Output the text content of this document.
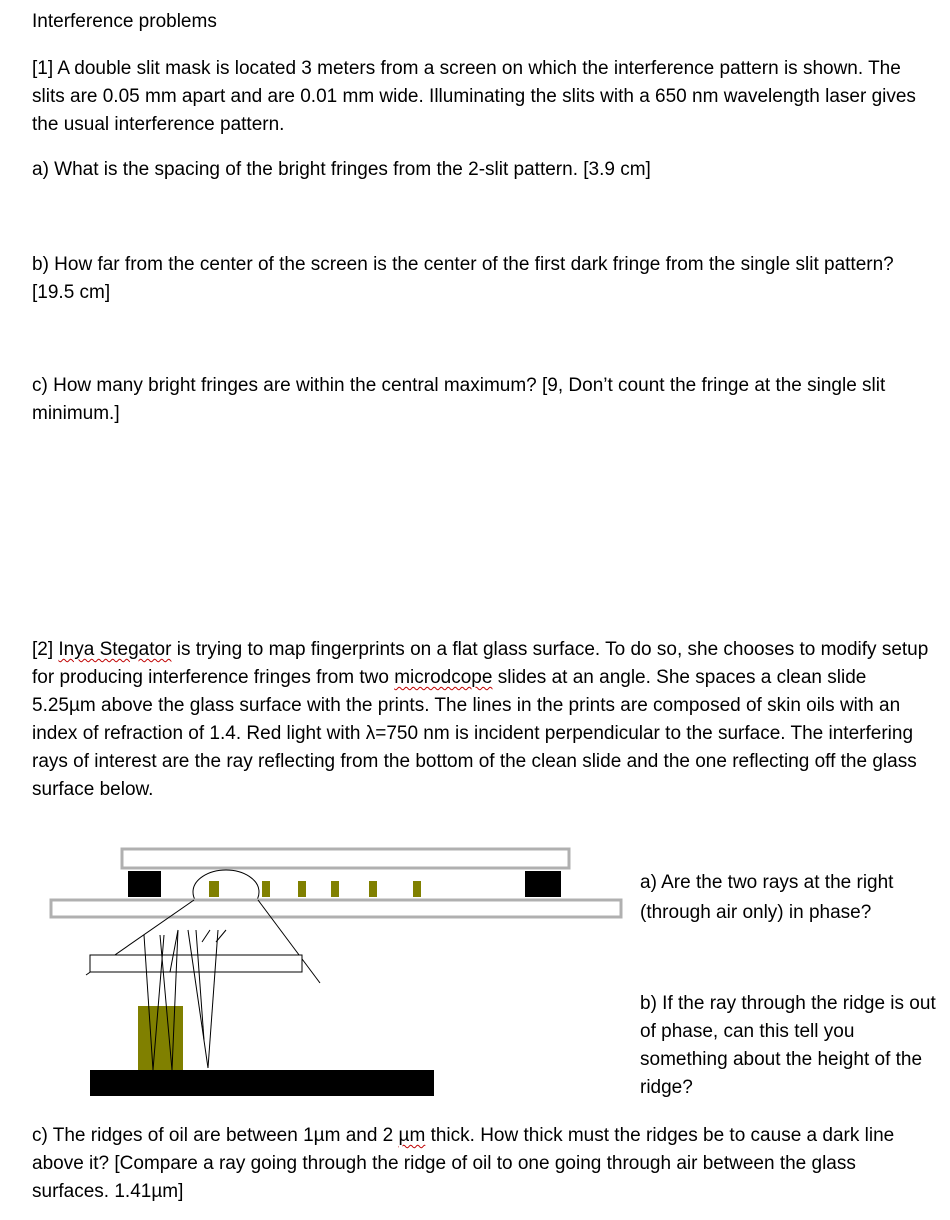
Interference problems

[1] A double slit mask is located 3 meters from a screen on which the interference pattern is shown. The slits are 0.05 mm apart and are 0.01 mm wide. Illuminating the slits with a 650 nm wavelength laser gives the usual interference pattern.

a) What is the spacing of the bright fringes from the 2-slit pattern. [3.9 cm]

b) How far from the center of the screen is the center of the first dark fringe from the single slit pattern? [19.5 cm]

c) How many bright fringes are within the central maximum? [9, Don’t count the fringe at the single slit minimum.]

[2] Inya Stegator is trying to map fingerprints on a flat glass surface. To do so, she chooses to modify setup for producing interference fringes from two microdcope slides at an angle. She spaces a clean slide 5.25µm above the glass surface with the prints. The lines in the prints are composed of skin oils with an index of refraction of 1.4. Red light with λ=750 nm is incident perpendicular to the surface. The interfering rays of interest are the ray reflecting from the bottom of the clean slide and the one reflecting off the glass surface below.

a) Are the two rays at the right (through air only) in phase?

b) If the ray through the ridge is out of phase, can this tell you something about the height of the ridge?

c) The ridges of oil are between 1µm and 2 µm thick. How thick must the ridges be to cause a dark line above it? [Compare a ray going through the ridge of oil to one going through air between the glass surfaces. 1.41µm]
